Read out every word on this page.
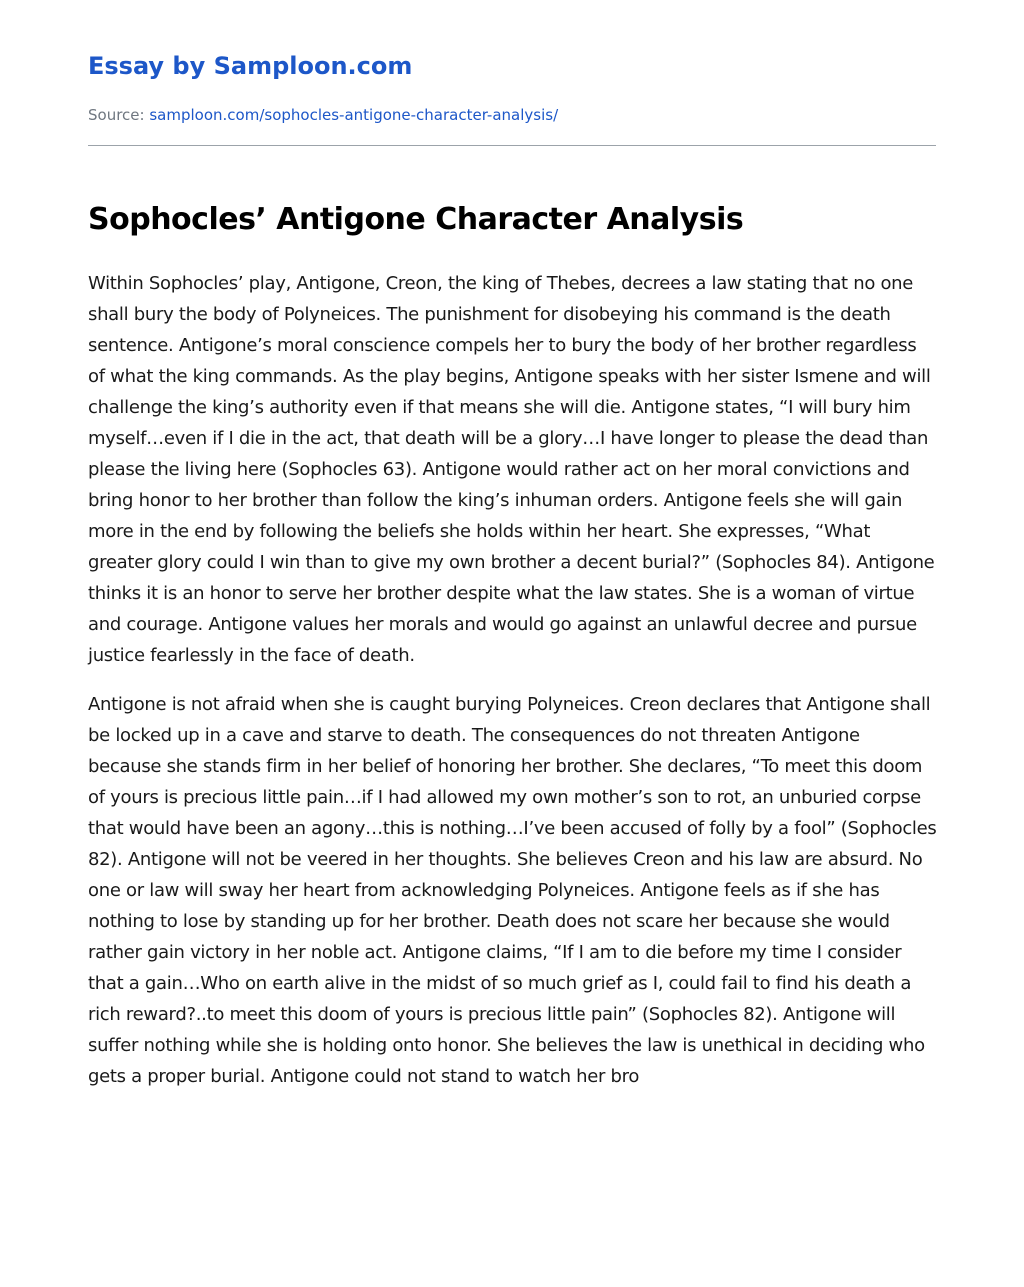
Essay by Samploon.com
Source: samploon.com/sophocles-antigone-character-analysis/
Sophocles’ Antigone Character Analysis

Within Sophocles’ play, Antigone, Creon, the king of Thebes, decrees a law stating that no one shall bury the body of Polyneices. The punishment for disobeying his command is the death sentence. Antigone’s moral conscience compels her to bury the body of her brother regardless of what the king commands. As the play begins, Antigone speaks with her sister Ismene and will challenge the king’s authority even if that means she will die. Antigone states, “I will bury him myself…even if I die in the act, that death will be a glory…I have longer to please the dead than please the living here (Sophocles 63). Antigone would rather act on her moral convictions and bring honor to her brother than follow the king’s inhuman orders. Antigone feels she will gain more in the end by following the beliefs she holds within her heart. She expresses, “What greater glory could I win than to give my own brother a decent burial?” (Sophocles 84). Antigone thinks it is an honor to serve her brother despite what the law states. She is a woman of virtue and courage. Antigone values her morals and would go against an unlawful decree and pursue justice fearlessly in the face of death.

Antigone is not afraid when she is caught burying Polyneices. Creon declares that Antigone shall be locked up in a cave and starve to death. The consequences do not threaten Antigone because she stands firm in her belief of honoring her brother. She declares, “To meet this doom of yours is precious little pain…if I had allowed my own mother’s son to rot, an unburied corpse that would have been an agony…this is nothing…I’ve been accused of folly by a fool” (Sophocles 82). Antigone will not be veered in her thoughts. She believes Creon and his law are absurd. No one or law will sway her heart from acknowledging Polyneices. Antigone feels as if she has nothing to lose by standing up for her brother. Death does not scare her because she would rather gain victory in her noble act. Antigone claims, “If I am to die before my time I consider that a gain…Who on earth alive in the midst of so much grief as I, could fail to find his death a rich reward?..to meet this doom of yours is precious little pain” (Sophocles 82). Antigone will suffer nothing while she is holding onto honor. She believes the law is unethical in deciding who gets a proper burial. Antigone could not stand to watch her bro
